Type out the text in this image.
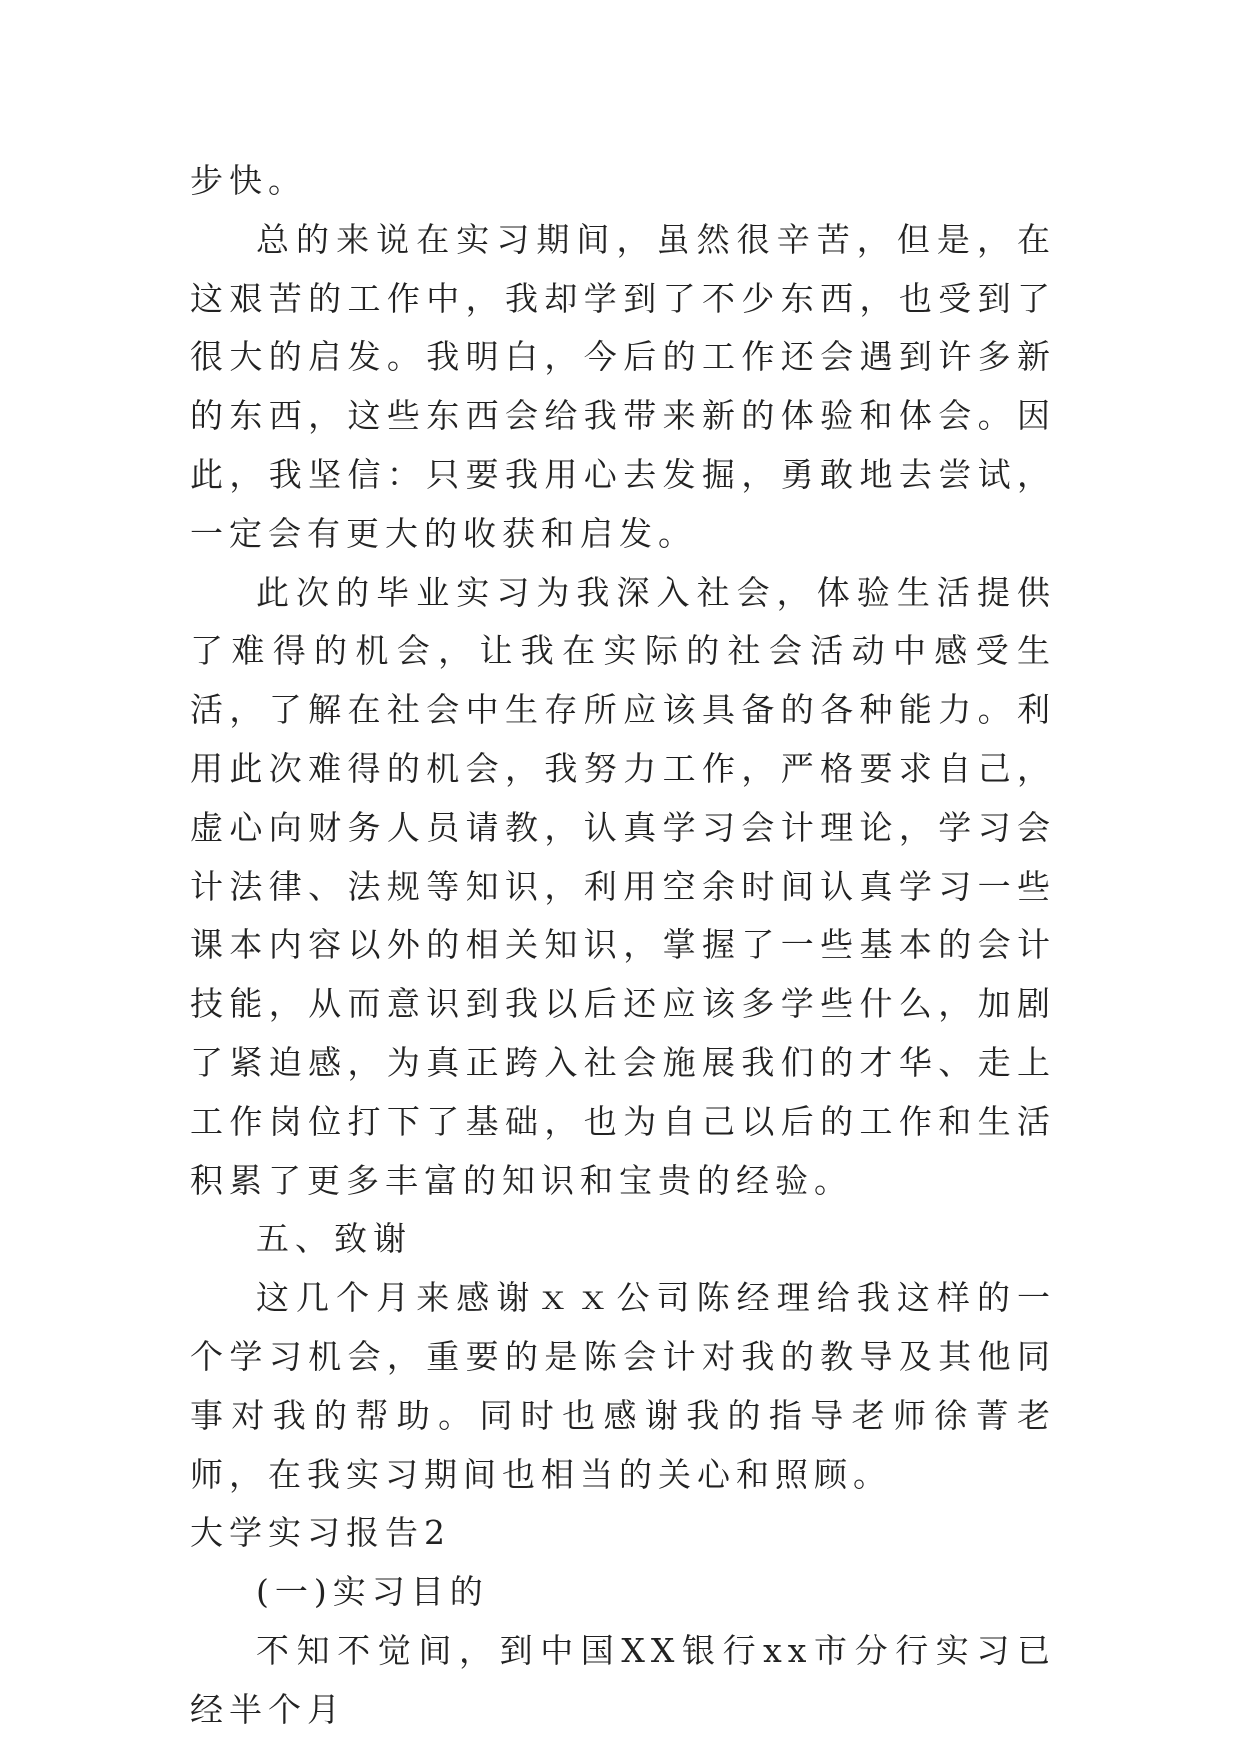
步快。

总的来说在实习期间，虽然很辛苦，但是，在这艰苦的工作中，我却学到了不少东西，也受到了很大的启发。我明白，今后的工作还会遇到许多新的东西，这些东西会给我带来新的体验和体会。因此，我坚信：只要我用心去发掘，勇敢地去尝试，一定会有更大的收获和启发。

此次的毕业实习为我深入社会，体验生活提供了难得的机会，让我在实际的社会活动中感受生活，了解在社会中生存所应该具备的各种能力。利用此次难得的机会，我努力工作，严格要求自己，虚心向财务人员请教，认真学习会计理论，学习会计法律、法规等知识，利用空余时间认真学习一些课本内容以外的相关知识，掌握了一些基本的会计技能，从而意识到我以后还应该多学些什么，加剧了紧迫感，为真正跨入社会施展我们的才华、走上工作岗位打下了基础，也为自己以后的工作和生活积累了更多丰富的知识和宝贵的经验。

五、致谢

这几个月来感谢ｘｘ公司陈经理给我这样的一个学习机会，重要的是陈会计对我的教导及其他同事对我的帮助。同时也感谢我的指导老师徐菁老师，在我实习期间也相当的关心和照顾。

大学实习报告2

(一)实习目的

不知不觉间，到中国XX银行xx市分行实习已经半个月
